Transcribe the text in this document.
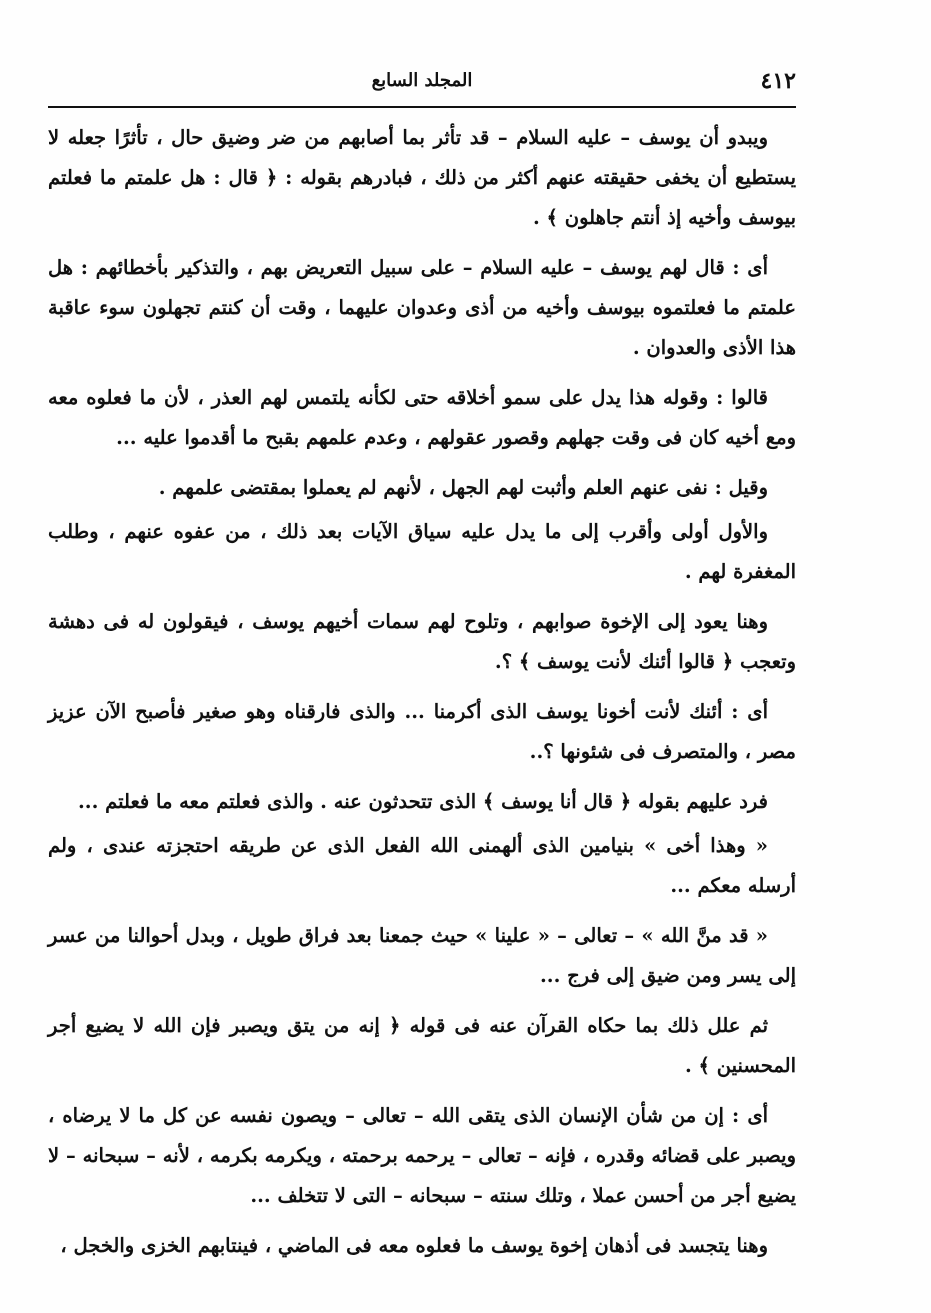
٤١٢
المجلد السابع

ويبدو أن يوسف – عليه السلام – قد تأثر بما أصابهم من ضر وضيق حال ، تأثرًا جعله لا يستطيع أن يخفى حقيقته عنهم أكثر من ذلك ، فبادرهم بقوله : ﴿ قال : هل علمتم ما فعلتم بيوسف وأخيه إذ أنتم جاهلون ﴾ .

أى : قال لهم يوسف – عليه السلام – على سبيل التعريض بهم ، والتذكير بأخطائهم : هل علمتم ما فعلتموه بيوسف وأخيه من أذى وعدوان عليهما ، وقت أن كنتم تجهلون سوء عاقبة هذا الأذى والعدوان .

قالوا : وقوله هذا يدل على سمو أخلاقه حتى لكأنه يلتمس لهم العذر ، لأن ما فعلوه معه ومع أخيه كان فى وقت جهلهم وقصور عقولهم ، وعدم علمهم بقبح ما أقدموا عليه ...

وقيل : نفى عنهم العلم وأثبت لهم الجهل ، لأنهم لم يعملوا بمقتضى علمهم .

والأول أولى وأقرب إلى ما يدل عليه سياق الآيات بعد ذلك ، من عفوه عنهم ، وطلب المغفرة لهم .

وهنا يعود إلى الإخوة صوابهم ، وتلوح لهم سمات أخيهم يوسف ، فيقولون له فى دهشة وتعجب ﴿ قالوا أئنك لأنت يوسف ﴾ ؟.

أى : أئنك لأنت أخونا يوسف الذى أكرمنا ... والذى فارقناه وهو صغير فأصبح الآن عزيز مصر ، والمتصرف فى شئونها ؟..

فرد عليهم بقوله ﴿ قال أنا يوسف ﴾ الذى تتحدثون عنه . والذى فعلتم معه ما فعلتم ...

« وهذا أخى » بنيامين الذى ألهمنى الله الفعل الذى عن طريقه احتجزته عندى ، ولم أرسله معكم ...

« قد منَّ الله » – تعالى – « علينا » حيث جمعنا بعد فراق طويل ، وبدل أحوالنا من عسر إلى يسر ومن ضيق إلى فرج ...

ثم علل ذلك بما حكاه القرآن عنه فى قوله ﴿ إنه من يتق ويصبر فإن الله لا يضيع أجر المحسنين ﴾ .

أى : إن من شأن الإنسان الذى يتقى الله – تعالى – ويصون نفسه عن كل ما لا يرضاه ، ويصبر على قضائه وقدره ، فإنه – تعالى – يرحمه برحمته ، ويكرمه بكرمه ، لأنه – سبحانه – لا يضيع أجر من أحسن عملا ، وتلك سنته – سبحانه – التى لا تتخلف ...

وهنا يتجسد فى أذهان إخوة يوسف ما فعلوه معه فى الماضي ، فينتابهم الخزى والخجل ،
